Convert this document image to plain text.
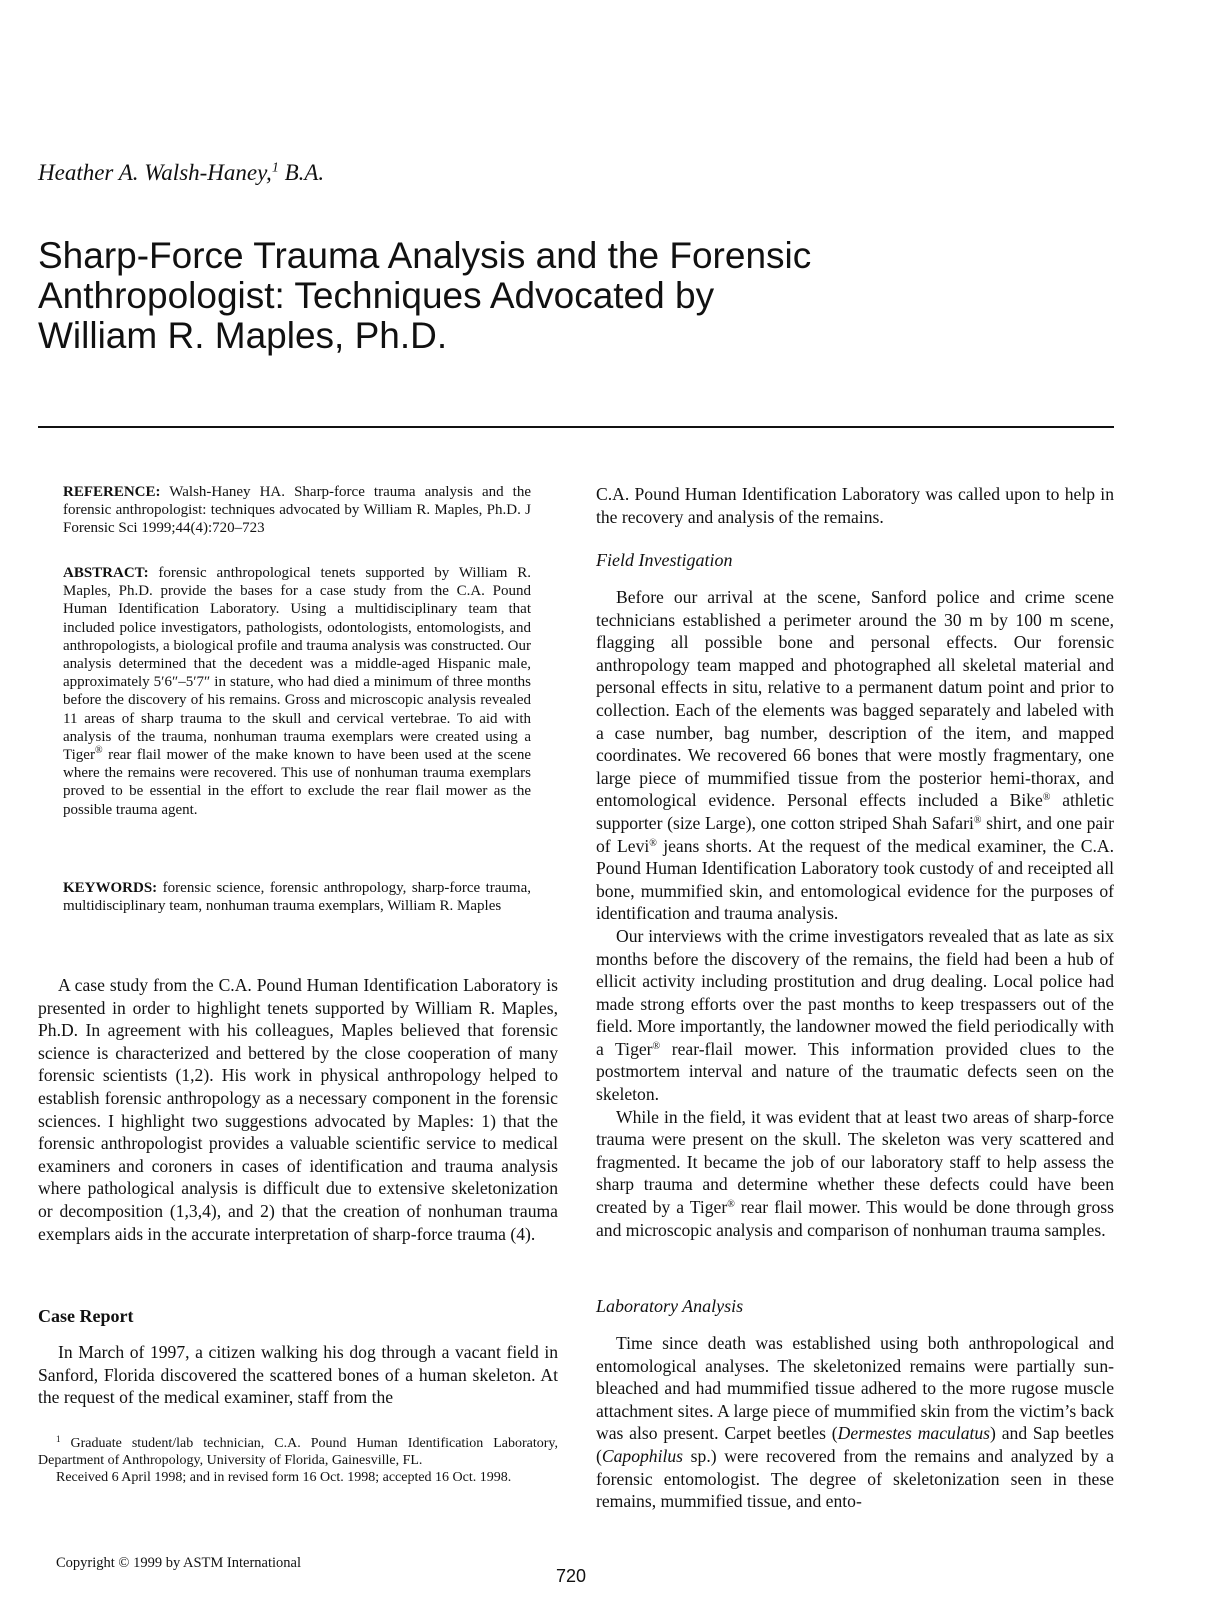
Heather A. Walsh-Haney,$^1$ B.A.
Sharp-Force Trauma Analysis and the Forensic
Anthropologist: Techniques Advocated by
William R. Maples, Ph.D.
REFERENCE: Walsh-Haney HA. Sharp-force trauma analysis and the forensic anthropologist: techniques advocated by William R. Maples, Ph.D. J Forensic Sci 1999;44(4):720–723
ABSTRACT: forensic anthropological tenets supported by William R. Maples, Ph.D. provide the bases for a case study from the C.A. Pound Human Identification Laboratory. Using a multidisciplinary team that included police investigators, pathologists, odontologists, entomologists, and anthropologists, a biological profile and trauma analysis was constructed. Our analysis determined that the decedent was a middle-aged Hispanic male, approximately 5′6″–5′7″ in stature, who had died a minimum of three months before the discovery of his remains. Gross and microscopic analysis revealed 11 areas of sharp trauma to the skull and cervical vertebrae. To aid with analysis of the trauma, nonhuman trauma exemplars were created using a Tiger® rear flail mower of the make known to have been used at the scene where the remains were recovered. This use of nonhuman trauma exemplars proved to be essential in the effort to exclude the rear flail mower as the possible trauma agent.
KEYWORDS: forensic science, forensic anthropology, sharp-force trauma, multidisciplinary team, nonhuman trauma exemplars, William R. Maples

A case study from the C.A. Pound Human Identification Laboratory is presented in order to highlight tenets supported by William R. Maples, Ph.D. In agreement with his colleagues, Maples believed that forensic science is characterized and bettered by the close cooperation of many forensic scientists (1,2). His work in physical anthropology helped to establish forensic anthropology as a necessary component in the forensic sciences. I highlight two suggestions advocated by Maples: 1) that the forensic anthropologist provides a valuable scientific service to medical examiners and coroners in cases of identification and trauma analysis where pathological analysis is difficult due to extensive skeletonization or decomposition (1,3,4), and 2) that the creation of nonhuman trauma exemplars aids in the accurate interpretation of sharp-force trauma (4).

Case Report

In March of 1997, a citizen walking his dog through a vacant field in Sanford, Florida discovered the scattered bones of a human skeleton. At the request of the medical examiner, staff from the

$^1$ Graduate student/lab technician, C.A. Pound Human Identification Laboratory, Department of Anthropology, University of Florida, Gainesville, FL.

Received 6 April 1998; and in revised form 16 Oct. 1998; accepted 16 Oct. 1998.

C.A. Pound Human Identification Laboratory was called upon to help in the recovery and analysis of the remains.

Field Investigation

Before our arrival at the scene, Sanford police and crime scene technicians established a perimeter around the 30 m by 100 m scene, flagging all possible bone and personal effects. Our forensic anthropology team mapped and photographed all skeletal material and personal effects in situ, relative to a permanent datum point and prior to collection. Each of the elements was bagged separately and labeled with a case number, bag number, description of the item, and mapped coordinates. We recovered 66 bones that were mostly fragmentary, one large piece of mummified tissue from the posterior hemi-thorax, and entomological evidence. Personal effects included a Bike® athletic supporter (size Large), one cotton striped Shah Safari® shirt, and one pair of Levi® jeans shorts. At the request of the medical examiner, the C.A. Pound Human Identification Laboratory took custody of and receipted all bone, mummified skin, and entomological evidence for the purposes of identification and trauma analysis.

Our interviews with the crime investigators revealed that as late as six months before the discovery of the remains, the field had been a hub of ellicit activity including prostitution and drug dealing. Local police had made strong efforts over the past months to keep trespassers out of the field. More importantly, the landowner mowed the field periodically with a Tiger® rear-flail mower. This information provided clues to the postmortem interval and nature of the traumatic defects seen on the skeleton.

While in the field, it was evident that at least two areas of sharp-force trauma were present on the skull. The skeleton was very scattered and fragmented. It became the job of our laboratory staff to help assess the sharp trauma and determine whether these defects could have been created by a Tiger® rear flail mower. This would be done through gross and microscopic analysis and comparison of nonhuman trauma samples.

Laboratory Analysis

Time since death was established using both anthropological and entomological analyses. The skeletonized remains were partially sun-bleached and had mummified tissue adhered to the more rugose muscle attachment sites. A large piece of mummified skin from the victim’s back was also present. Carpet beetles (Dermestes maculatus) and Sap beetles (Capophilus sp.) were recovered from the remains and analyzed by a forensic entomologist. The degree of skeletonization seen in these remains, mummified tissue, and ento-

Copyright © 1999 by ASTM International
720
